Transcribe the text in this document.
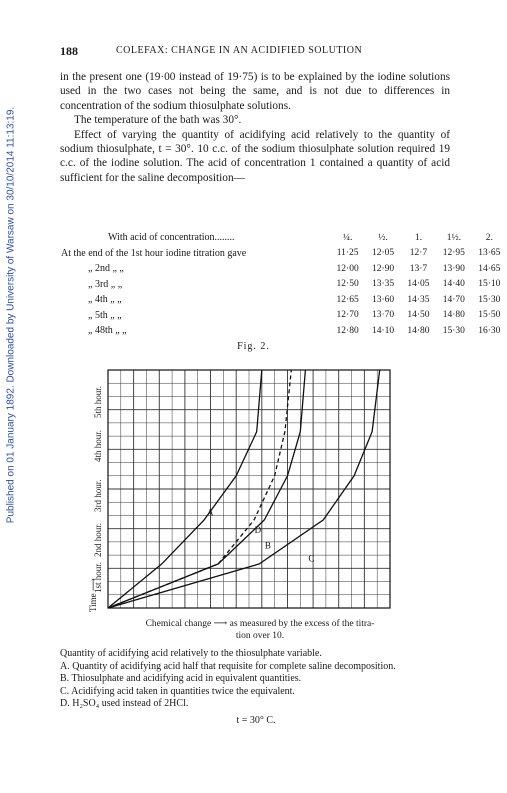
Published on 01 January 1892. Downloaded by University of Warsaw on 30/10/2014 11:13:19.
188	COLEFAX: CHANGE IN AN ACIDIFIED SOLUTION

in the present one (19·00 instead of 19·75) is to be explained by the iodine solutions used in the two cases not being the same, and is not due to differences in concentration of the sodium thiosulphate solutions.

The temperature of the bath was 30°.

Effect of varying the quantity of acidifying acid relatively to the quantity of sodium thiosulphate, t = 30°. 10 c.c. of the sodium thiosulphate solution required 19 c.c. of the iodine solution. The acid of concentration 1 contained a quantity of acid sufficient for the saline decomposition—

With acid of concentration........	¼.	½.	1.	1½.	2.
At the end of the 1st hour iodine titration gave	11·25	12·05	12·7	12·95	13·65
„ 2nd „ „	12·00	12·90	13·7	13·90	14·65
„ 3rd „ „	12·50	13·35	14·05	14·40	15·10
„ 4th „ „	12·65	13·60	14·35	14·70	15·30
„ 5th „ „	12·70	13·70	14·50	14·80	15·50
„ 48th „ „	12·80	14·10	14·80	15·30	16·30
Fig. 2.
A
B
C
D
Time ⟶
1st hour.
2nd hour.
3rd hour.
4th hour.
5th hour.
Chemical change ⟶ as measured by the excess of the titra-
tion over 10.
Quantity of acidifying acid relatively to the thiosulphate variable.
A. Quantity of acidifying acid half that requisite for complete saline decomposition.
B. Thiosulphate and acidifying acid in equivalent quantities.
C. Acidifying acid taken in quantities twice the equivalent.
D. H₂SO₄ used instead of 2HCl.
t = 30° C.
